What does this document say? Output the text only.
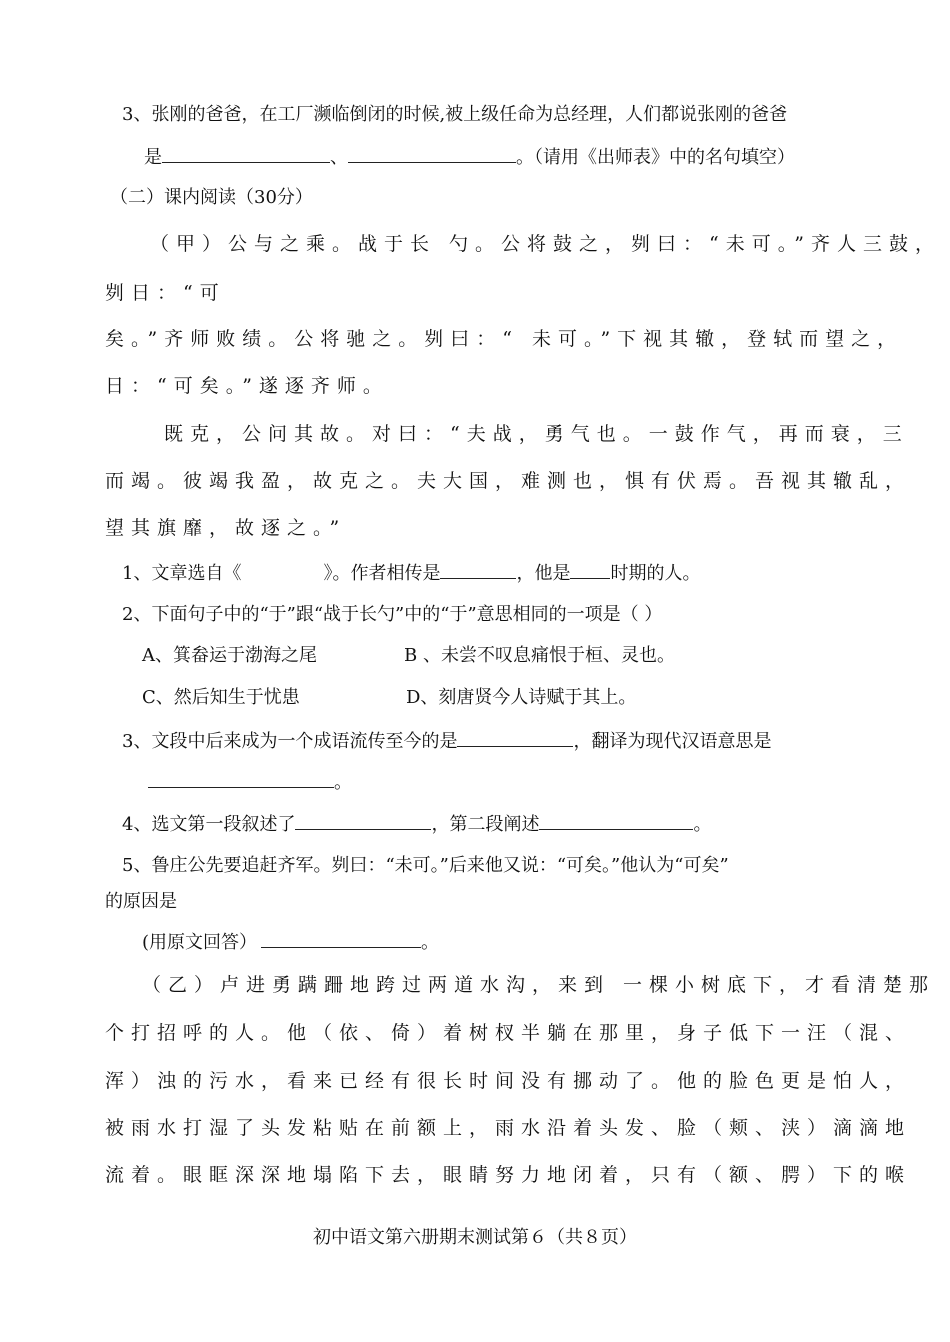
3、张刚的爸爸，在工厂濒临倒闭的时候,被上级任命为总经理，人们都说张刚的爸爸
是	、	。（请用《出师表》中的名句填空）
（二）课内阅读（30分）
（甲）公与之乘。战于长 勺。公将鼓之，刿曰：“未可。”齐人三鼓，
刿日：“可
矣。”齐师败绩。公将驰之。刿曰：“ 未可。”下视其辙，登轼而望之，
日：“可矣。”遂逐齐师。
既克，公问其故。对曰：“夫战，勇气也。一鼓作气，再而衰，三
而竭。彼竭我盈，故克之。夫大国，难测也，惧有伏焉。吾视其辙乱，
望其旗靡，故逐之。”
1、文章选自《	》。作者相传是	，他是 时期的人。
2、下面句子中的“于”跟“战于长勺”中的“于”意思相同的一项是（ ）
A、箕畚运于渤海之尾	B 、未尝不叹息痛恨于桓、灵也。
C、然后知生于忧患	D、刻唐贤今人诗赋于其上。
3、文段中后来成为一个成语流传至今的是	，翻译为现代汉语意思是
。
4、选文第一段叙述了	，第二段阐述	。
5、鲁庄公先要追赶齐军。刿曰：“未可。”后来他又说：“可矣。”他认为“可矣”
的原因是
(用原文回答）	。
（乙）卢进勇蹒跚地跨过两道水沟，来到 一棵小树底下，才看清楚那
个打招呼的人。他（依、倚）着树杈半躺在那里，身子低下一汪（混、
浑）浊的污水，看来已经有很长时间没有挪动了。他的脸色更是怕人，
被雨水打湿了头发粘贴在前额上，雨水沿着头发、脸（颊、浃）滴滴地
流着。眼眶深深地塌陷下去，眼睛努力地闭着，只有（额、腭）下的喉
初中语文第六册期末测试第６（共８页）
